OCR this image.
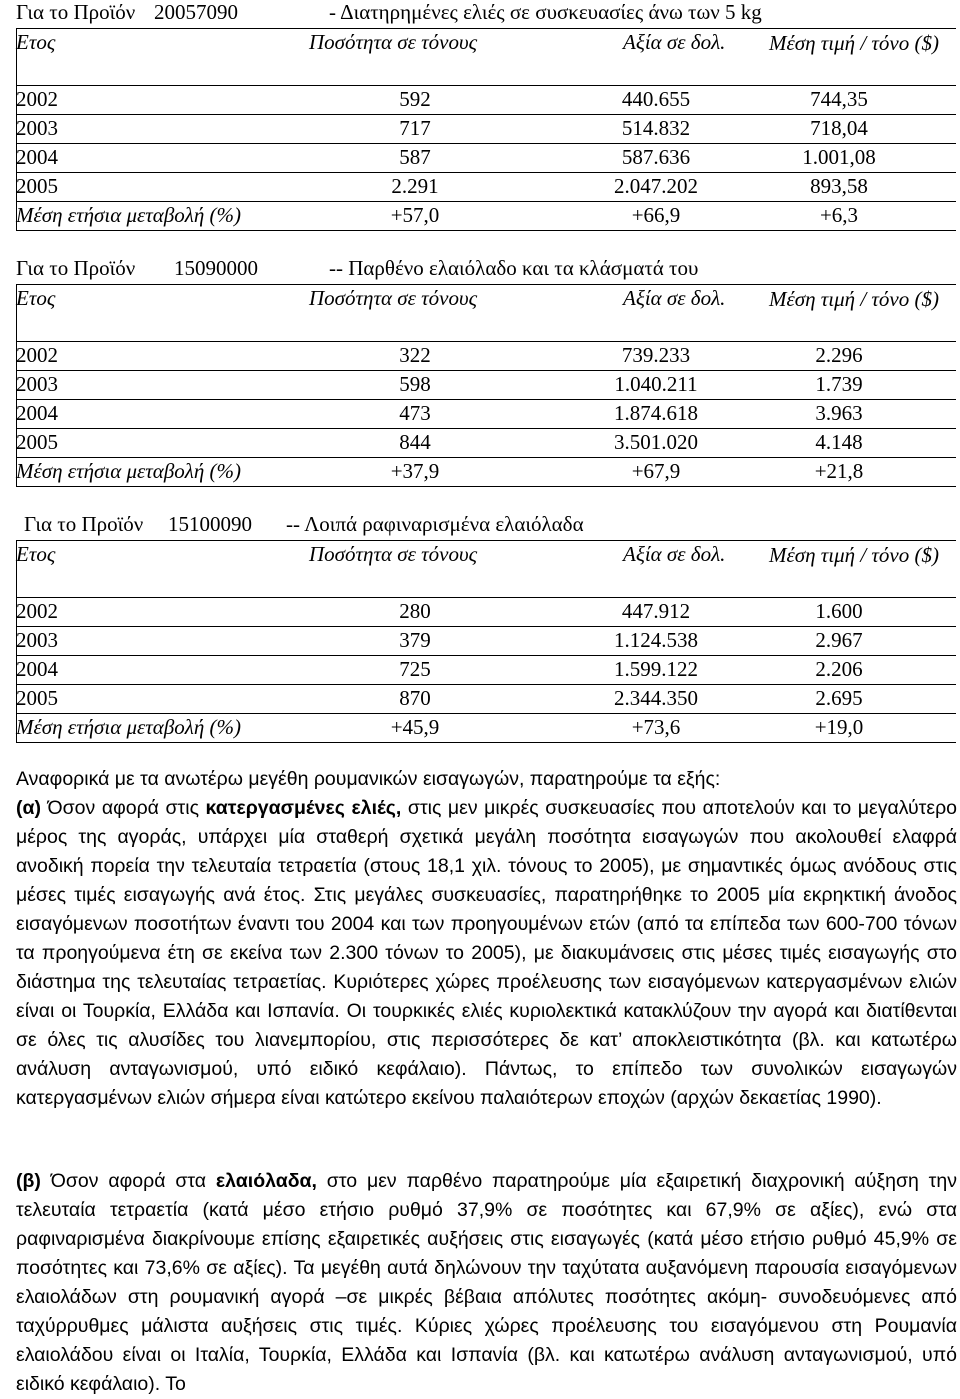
Για το Προϊόν 20057090	- Διατηρημένες ελιές σε συσκευασίες άνω των 5 kg
Ετος	Ποσότητα σε τόνους	Αξία σε δολ.	Μέση τιμή / τόνο ($)
2002	592	440.655	744,35
2003	717	514.832	718,04
2004	587	587.636	1.001,08
2005	2.291	2.047.202	893,58
Μέση ετήσια μεταβολή (%)	+57,0	+66,9	+6,3
Για το Προϊόν 15090000	-- Παρθένο ελαιόλαδο και τα κλάσματά του
Ετος	Ποσότητα σε τόνους	Αξία σε δολ.	Μέση τιμή / τόνο ($)
2002	322	739.233	2.296
2003	598	1.040.211	1.739
2004	473	1.874.618	3.963
2005	844	3.501.020	4.148
Μέση ετήσια μεταβολή (%)	+37,9	+67,9	+21,8
Για το Προϊόν 15100090 -- Λοιπά ραφιναρισμένα ελαιόλαδα
Ετος	Ποσότητα σε τόνους	Αξία σε δολ.	Μέση τιμή / τόνο ($)
2002	280	447.912	1.600
2003	379	1.124.538	2.967
2004	725	1.599.122	2.206
2005	870	2.344.350	2.695
Μέση ετήσια μεταβολή (%)	+45,9	+73,6	+19,0
Αναφορικά με τα ανωτέρω μεγέθη ρουμανικών εισαγωγών, παρατηρούμε τα εξής:
(α) Όσον αφορά στις κατεργασμένες ελιές, στις μεν μικρές συσκευασίες που αποτελούν και το μεγαλύτερο μέρος της αγοράς, υπάρχει μία σταθερή σχετικά μεγάλη ποσότητα εισαγωγών που ακολουθεί ελαφρά ανοδική πορεία την τελευταία τετραετία (στους 18,1 χιλ. τόνους το 2005), με σημαντικές όμως ανόδους στις μέσες τιμές εισαγωγής ανά έτος. Στις μεγάλες συσκευασίες, παρατηρήθηκε το 2005 μία εκρηκτική άνοδος εισαγόμενων ποσοτήτων έναντι του 2004 και των προηγουμένων ετών (από τα επίπεδα των 600-700 τόνων τα προηγούμενα έτη σε εκείνα των 2.300 τόνων το 2005), με διακυμάνσεις στις μέσες τιμές εισαγωγής στο διάστημα της τελευταίας τετραετίας. Κυριότερες χώρες προέλευσης των εισαγόμενων κατεργασμένων ελιών είναι οι Τουρκία, Ελλάδα και Ισπανία. Οι τουρκικές ελιές κυριολεκτικά κατακλύζουν την αγορά και διατίθενται σε όλες τις αλυσίδες του λιανεμπορίου, στις περισσότερες δε κατ’ αποκλειστικότητα (βλ. και κατωτέρω ανάλυση ανταγωνισμού, υπό ειδικό κεφάλαιο). Πάντως, το επίπεδο των συνολικών εισαγωγών κατεργασμένων ελιών σήμερα είναι κατώτερο εκείνου παλαιότερων εποχών (αρχών δεκαετίας 1990).
(β) Όσον αφορά στα ελαιόλαδα, στο μεν παρθένο παρατηρούμε μία εξαιρετική διαχρονική αύξηση την τελευταία τετραετία (κατά μέσο ετήσιο ρυθμό 37,9% σε ποσότητες και 67,9% σε αξίες), ενώ στα ραφιναρισμένα διακρίνουμε επίσης εξαιρετικές αυξήσεις στις εισαγωγές (κατά μέσο ετήσιο ρυθμό 45,9% σε ποσότητες και 73,6% σε αξίες). Τα μεγέθη αυτά δηλώνουν την ταχύτατα αυξανόμενη παρουσία εισαγόμενων ελαιολάδων στη ρουμανική αγορά –σε μικρές βέβαια απόλυτες ποσότητες ακόμη- συνοδευόμενες από ταχύρρυθμες μάλιστα αυξήσεις στις τιμές. Κύριες χώρες προέλευσης του εισαγόμενου στη Ρουμανία ελαιολάδου είναι οι Ιταλία, Τουρκία, Ελλάδα και Ισπανία (βλ. και κατωτέρω ανάλυση ανταγωνισμού, υπό ειδικό κεφάλαιο). Το
